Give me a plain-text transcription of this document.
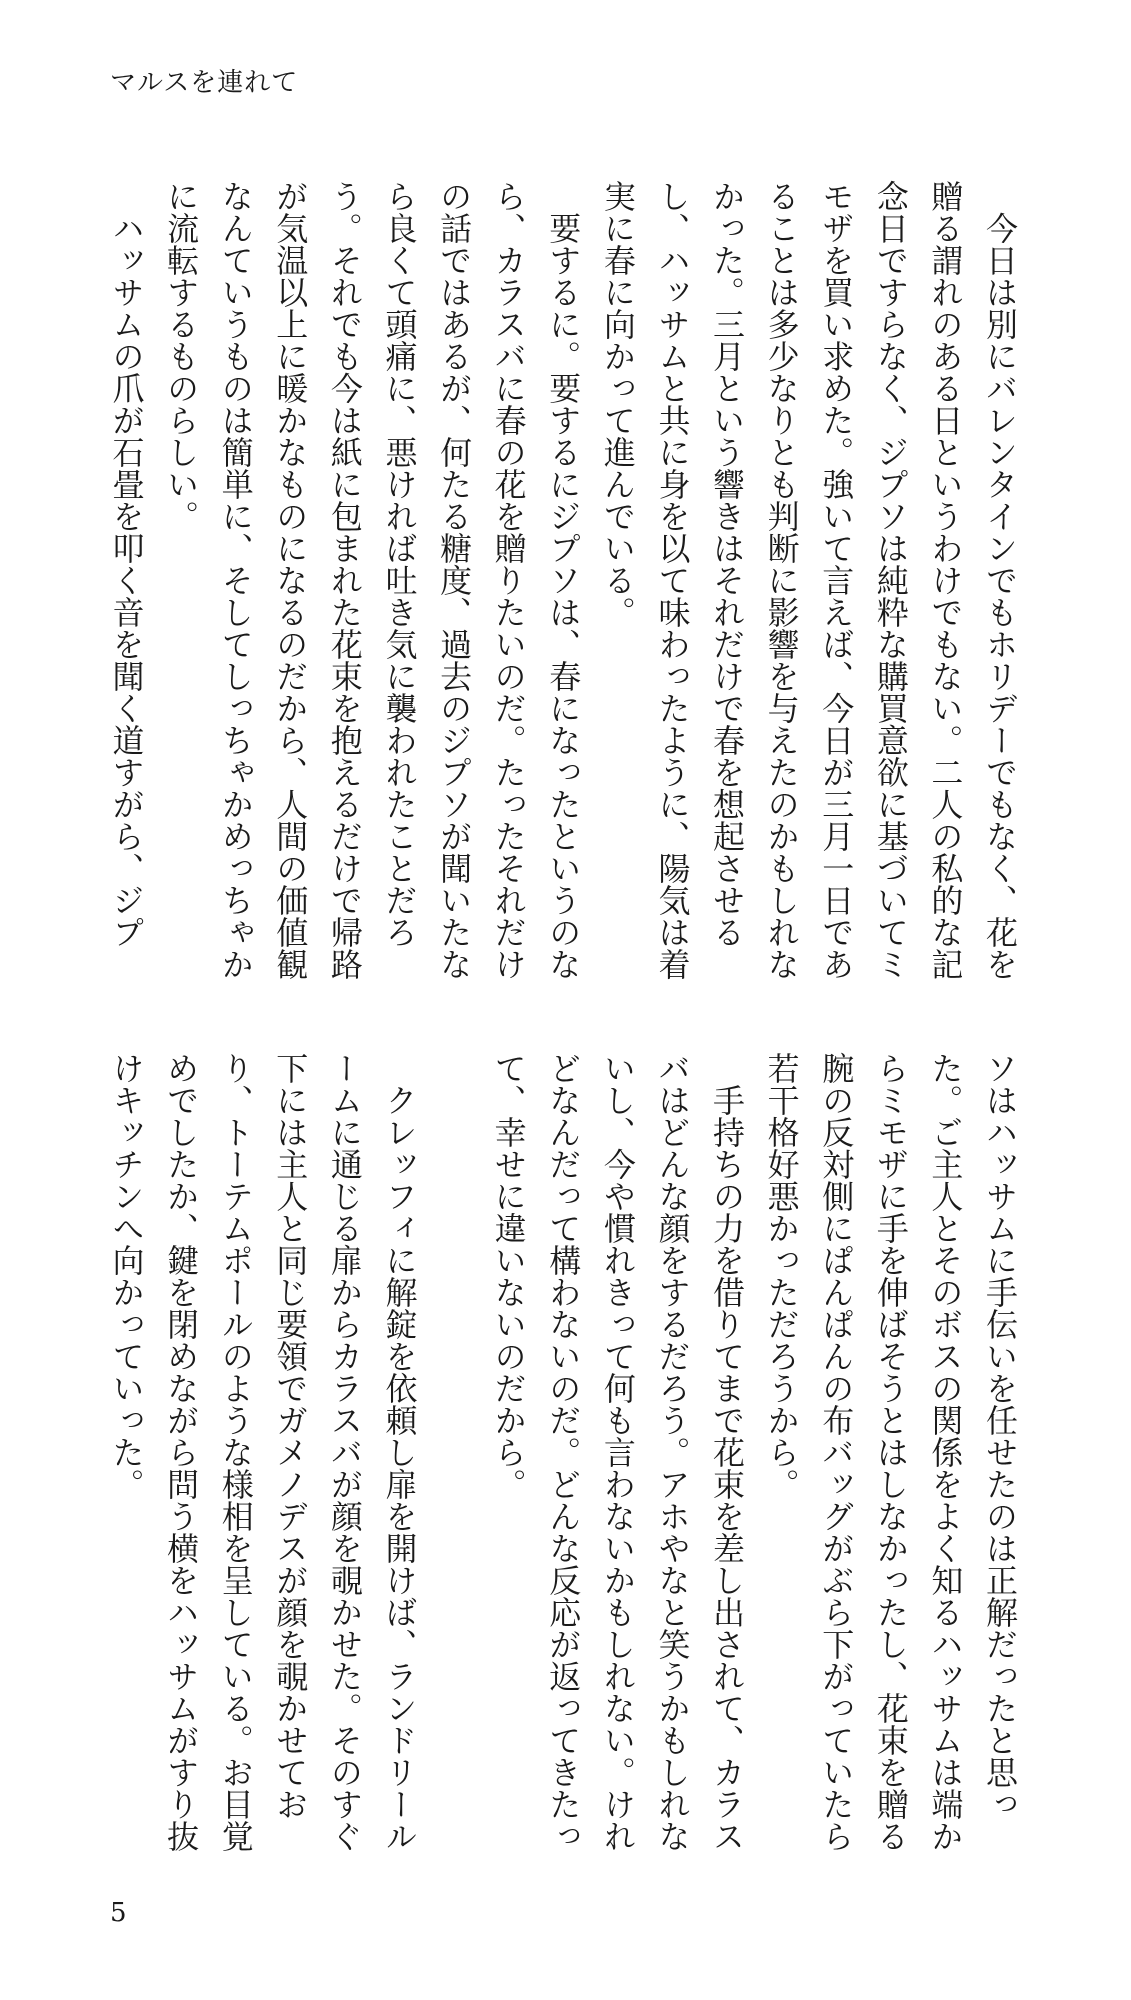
マルスを連れて

今日は別にバレンタインでもホリデーでもなく、花を贈る謂れのある日というわけでもない。二人の私的な記念日ですらなく、ジプソは純粋な購買意欲に基づいてミモザを買い求めた。強いて言えば、今日が三月一日であることは多少なりとも判断に影響を与えたのかもしれなかった。三月という響きはそれだけで春を想起させるし、ハッサムと共に身を以て味わったように、陽気は着実に春に向かって進んでいる。

要するに。要するにジプソは、春になったというのなら、カラスバに春の花を贈りたいのだ。たったそれだけの話ではあるが、何たる糖度、過去のジプソが聞いたなら良くて頭痛に、悪ければ吐き気に襲われたことだろう。それでも今は紙に包まれた花束を抱えるだけで帰路が気温以上に暖かなものになるのだから、人間の価値観なんていうものは簡単に、そしてしっちゃかめっちゃかに流転するものらしい。

ハッサムの爪が石畳を叩く音を聞く道すがら、ジプ

ソはハッサムに手伝いを任せたのは正解だったと思った。ご主人とそのボスの関係をよく知るハッサムは端からミモザに手を伸ばそうとはしなかったし、花束を贈る腕の反対側にぱんぱんの布バッグがぶら下がっていたら若干格好悪かっただろうから。

手持ちの力を借りてまで花束を差し出されて、カラスバはどんな顔をするだろう。アホやなと笑うかもしれないし、今や慣れきって何も言わないかもしれない。けれどなんだって構わないのだ。どんな反応が返ってきたって、幸せに違いないのだから。

クレッフィに解錠を依頼し扉を開けば、ランドリールームに通じる扉からカラスバが顔を覗かせた。そのすぐ下には主人と同じ要領でガメノデスが顔を覗かせており、トーテムポールのような様相を呈している。お目覚めでしたか、鍵を閉めながら問う横をハッサムがすり抜けキッチンへ向かっていった。

5
